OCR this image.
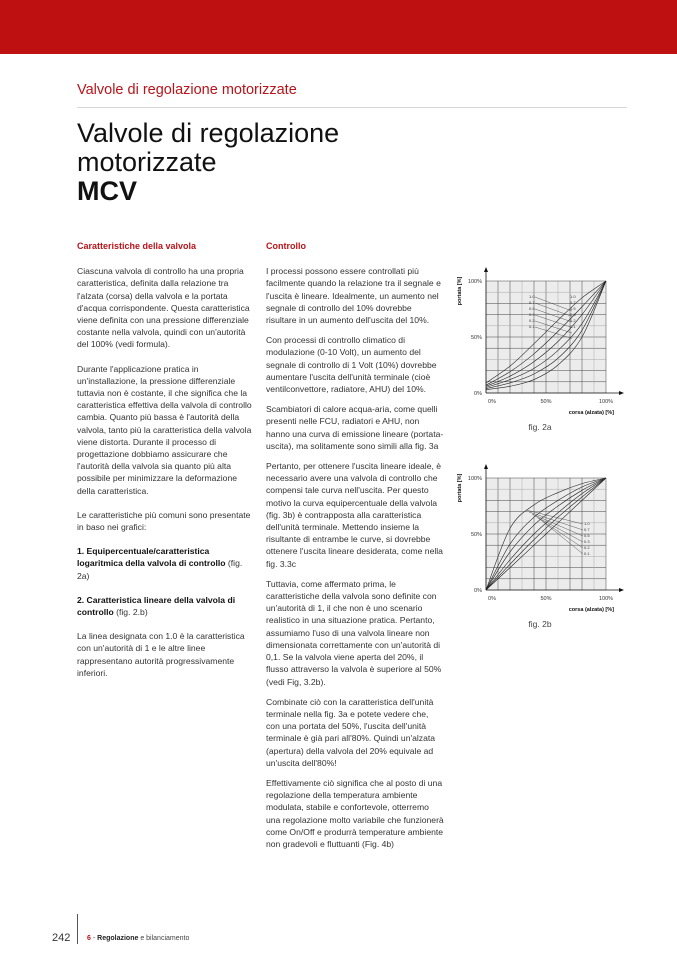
Valvole di regolazione motorizzate
Valvole di regolazione
motorizzate
MCV
Caratteristiche della valvola

Ciascuna valvola di controllo ha una propria caratteristica, definita dalla relazione tra l'alzata (corsa) della valvola e la portata d'acqua corrispondente. Questa caratteristica viene definita con una pressione differenziale costante nella valvola, quindi con un'autorità del 100% (vedi formula).

Durante l'applicazione pratica in un'installazione, la pressione differenziale tuttavia non è costante, il che significa che la caratteristica effettiva della valvola di controllo cambia. Quanto più bassa è l'autorità della valvola, tanto più la caratteristica della valvola viene distorta. Durante il processo di progettazione dobbiamo assicurare che l'autorità della valvola sia quanto più alta possibile per minimizzare la deformazione della caratteristica.

Le caratteristiche più comuni sono presentate in baso nei grafici:

1. Equipercentuale/caratteristica logaritmica della valvola di controllo (fig. 2a)

2. Caratteristica lineare della valvola di controllo (fig. 2.b)

La linea designata con 1.0 è la caratteristica con un'autorità di 1 e le altre linee rappresentano autorità progressivamente inferiori.

Controllo

I processi possono essere controllati più facilmente quando la relazione tra il segnale e l'uscita è lineare. Idealmente, un aumento nel segnale di controllo del 10% dovrebbe risultare in un aumento dell'uscita del 10%.

Con processi di controllo climatico di modulazione (0-10 Volt), un aumento del segnale di controllo di 1 Volt (10%) dovrebbe aumentare l'uscita dell'unità terminale (cioè ventilconvettore, radiatore, AHU) del 10%.

Scambiatori di calore acqua-aria, come quelli presenti nelle FCU, radiatori e AHU, non hanno una curva di emissione lineare (portata-uscita), ma solitamente sono simili alla fig. 3a

Pertanto, per ottenere l'uscita lineare ideale, è necessario avere una valvola di controllo che compensi tale curva nell'uscita. Per questo motivo la curva equipercentuale della valvola (fig. 3b) è contrapposta alla caratteristica dell'unità terminale. Mettendo insieme la risultante di entrambe le curve, si dovrebbe ottenere l'uscita lineare desiderata, come nella fig. 3.3c

Tuttavia, come affermato prima, le caratteristiche della valvola sono definite con un'autorità di 1, il che non è uno scenario realistico in una situazione pratica. Pertanto, assumiamo l'uso di una valvola lineare non dimensionata correttamente con un'autorità di 0,1. Se la valvola viene aperta del 20%, il flusso attraverso la valvola è superiore al 50% (vedi Fig, 3.2b).

Combinate ciò con la caratteristica dell'unità terminale nella fig. 3a e potete vedere che, con una portata del 50%, l'uscita dell'unità terminale è già pari all'80%. Quindi un'alzata (apertura) della valvola del 20% equivale ad un'uscita dell'80%!

Effettivamente ciò significa che al posto di una regolazione della temperatura ambiente modulata, stabile e confortevole, otterremo una regolazione molto variabile che funzionerà come On/Off e produrrà temperature ambiente non gradevoli e fluttuanti (Fig. 4b)

0%
50%
100%
0%	50%	100%
corsa (alzata) [%]
portata [%]	1.0
0.7
0.5
0.3
0.2
0.1
1.0
0.7
0.5
0.3
0.2
0.1
fig. 2a
0%
50%
100%
0%	50%	100%
corsa (alzata) [%]
portata [%]
1.0
0.7
0.5
0.3
0.2
0.1
fig. 2b
242 6 - Regolazione e bilanciamento
